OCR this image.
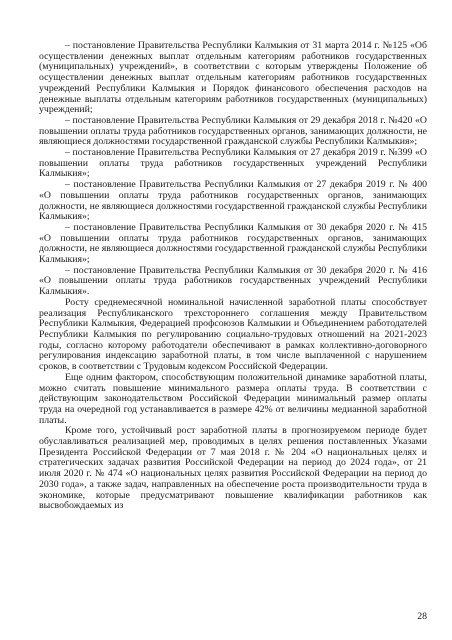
– постановление Правительства Республики Калмыкия от 31 марта 2014 г. №125 «Об осуществлении денежных выплат отдельным категориям работников государственных (муниципальных) учреждений», в соответствии с которым утверждены Положение об осуществлении денежных выплат отдельным категориям работников государственных учреждений Республики Калмыкия и Порядок финансового обеспечения расходов на денежные выплаты отдельным категориям работников государственных (муниципальных) учреждений;

– постановление Правительства Республики Калмыкия от 29 декабря 2018 г. №420 «О повышении оплаты труда работников государственных органов, занимающих должности, не являющиеся должностями государственной гражданской службы Республики Калмыкия»;

– постановление Правительства Республики Калмыкия от 27 декабря 2019 г. №399 «О повышении оплаты труда работников государственных учреждений Республики Калмыкия»;

– постановление Правительства Республики Калмыкия от 27 декабря 2019 г. № 400 «О повышении оплаты труда работников государственных органов, занимающих должности, не являющиеся должностями государственной гражданской службы Республики Калмыкия»;

– постановление Правительства Республики Калмыкия от 30 декабря 2020 г. № 415 «О повышении оплаты труда работников государственных органов, занимающих должности, не являющиеся должностями государственной гражданской службы Республики Калмыкия»;

– постановление Правительства Республики Калмыкия от 30 декабря 2020 г. № 416 «О повышении оплаты труда работников государственных учреждений Республики Калмыкия».

Росту среднемесячной номинальной начисленной заработной платы способствует реализация Республиканского трехстороннего соглашения между Правительством Республики Калмыкия, Федерацией профсоюзов Калмыкии и Объединением работодателей Республики Калмыкия по регулированию социально-трудовых отношений на 2021-2023 годы, согласно которому работодатели обеспечивают в рамках коллективно-договорного регулирования индексацию заработной платы, в том числе выплаченной с нарушением сроков, в соответствии с Трудовым кодексом Российской Федерации.

Еще одним фактором, способствующим положительной динамике заработной платы, можно считать повышение минимального размера оплаты труда. В соответствии с действующим законодательством Российской Федерации минимальный размер оплаты труда на очередной год устанавливается в размере 42% от величины медианной заработной платы.

Кроме того, устойчивый рост заработной платы в прогнозируемом периоде будет обуславливаться реализацией мер, проводимых в целях решения поставленных Указами Президента Российской Федерации от 7 мая 2018 г. № 204 «О национальных целях и стратегических задачах развития Российской Федерации на период до 2024 года», от 21 июля 2020 г. № 474 «О национальных целях развития Российской Федерации на период до 2030 года», а также задач, направленных на обеспечение роста производительности труда в экономике, которые предусматривают повышение квалификации работников как высвобождаемых из

28
